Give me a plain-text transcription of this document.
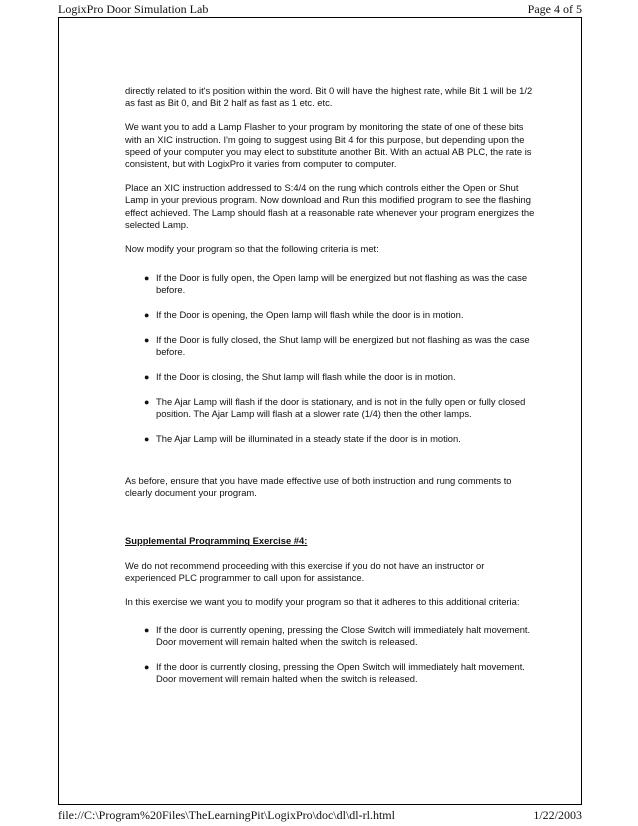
LogixPro Door Simulation Lab	Page 4 of 5

directly related to it's position within the word. Bit 0 will have the highest rate, while Bit 1 will be 1/2 as fast as Bit 0, and Bit 2 half as fast as 1 etc. etc.

We want you to add a Lamp Flasher to your program by monitoring the state of one of these bits with an XIC instruction. I'm going to suggest using Bit 4 for this purpose, but depending upon the speed of your computer you may elect to substitute another Bit. With an actual AB PLC, the rate is consistent, but with LogixPro it varies from computer to computer.

Place an XIC instruction addressed to S:4/4 on the rung which controls either the Open or Shut Lamp in your previous program. Now download and Run this modified program to see the flashing effect achieved. The Lamp should flash at a reasonable rate whenever your program energizes the selected Lamp.

Now modify your program so that the following criteria is met:

● If the Door is fully open, the Open lamp will be energized but not flashing as was the case before.
● If the Door is opening, the Open lamp will flash while the door is in motion.
● If the Door is fully closed, the Shut lamp will be energized but not flashing as was the case before.
● If the Door is closing, the Shut lamp will flash while the door is in motion.
● The Ajar Lamp will flash if the door is stationary, and is not in the fully open or fully closed position. The Ajar Lamp will flash at a slower rate (1/4) then the other lamps.
● The Ajar Lamp will be illuminated in a steady state if the door is in motion.

As before, ensure that you have made effective use of both instruction and rung comments to clearly document your program.

Supplemental Programming Exercise #4:

We do not recommend proceeding with this exercise if you do not have an instructor or experienced PLC programmer to call upon for assistance.

In this exercise we want you to modify your program so that it adheres to this additional criteria:

● If the door is currently opening, pressing the Close Switch will immediately halt movement. Door movement will remain halted when the switch is released.
● If the door is currently closing, pressing the Open Switch will immediately halt movement. Door movement will remain halted when the switch is released.
file://C:\Program%20Files\TheLearningPit\LogixPro\doc\dl\dl-rl.html	1/22/2003
